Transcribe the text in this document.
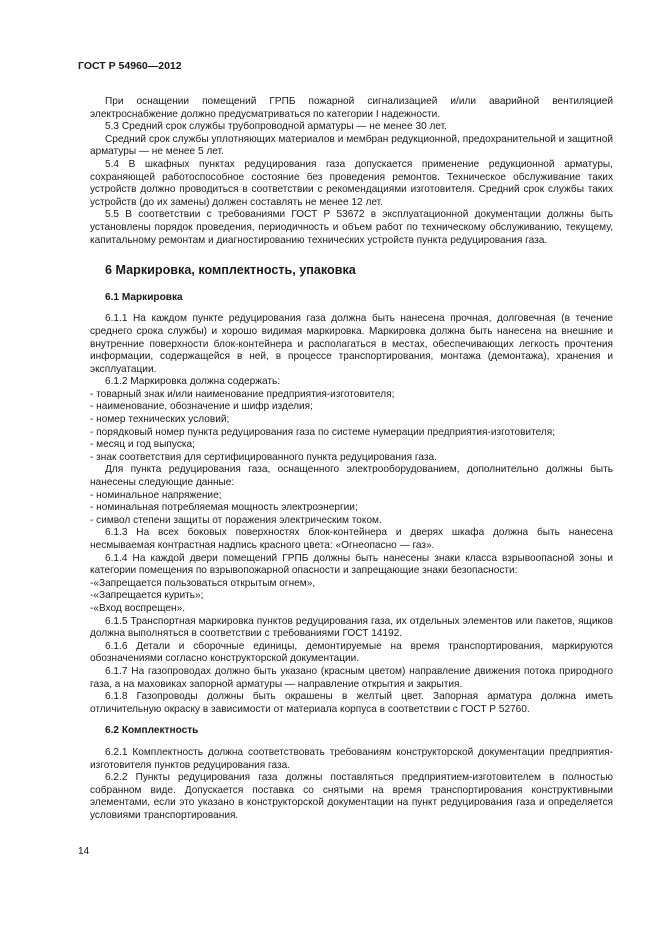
ГОСТ Р 54960—2012

При оснащении помещений ГРПБ пожарной сигнализацией и/или аварийной вентиляцией электроснабжение должно предусматриваться по категории I надежности.

5.3 Средний срок службы трубопроводной арматуры — не менее 30 лет.

Средний срок службы уплотняющих материалов и мембран редукционной, предохранительной и защитной арматуры — не менее 5 лет.

5.4 В шкафных пунктах редуцирования газа допускается применение редукционной арматуры, сохраняющей работоспособное состояние без проведения ремонтов. Техническое обслуживание таких устройств должно проводиться в соответствии с рекомендациями изготовителя. Средний срок службы таких устройств (до их замены) должен составлять не менее 12 лет.

5.5 В соответствии с требованиями ГОСТ Р 53672 в эксплуатационной документации должны быть установлены порядок проведения, периодичность и объем работ по техническому обслуживанию, текущему, капитальному ремонтам и диагностированию технических устройств пункта редуцирования газа.

6 Маркировка, комплектность, упаковка
6.1 Маркировка

6.1.1 На каждом пункте редуцирования газа должна быть нанесена прочная, долговечная (в течение среднего срока службы) и хорошо видимая маркировка. Маркировка должна быть нанесена на внешние и внутренние поверхности блок-контейнера и располагаться в местах, обеспечивающих легкость прочтения информации, содержащейся в ней, в процессе транспортирования, монтажа (демонтажа), хранения и эксплуатации.

6.1.2 Маркировка должна содержать:

- товарный знак и/или наименование предприятия-изготовителя;

- наименование, обозначение и шифр изделия;

- номер технических условий;

- порядковый номер пункта редуцирования газа по системе нумерации предприятия-изготовителя;

- месяц и год выпуска;

- знак соответствия для сертифицированного пункта редуцирования газа.

Для пункта редуцирования газа, оснащенного электрооборудованием, дополнительно должны быть нанесены следующие данные:

- номинальное напряжение;

- номинальная потребляемая мощность электроэнергии;

- символ степени защиты от поражения электрическим током.

6.1.3 На всех боковых поверхностях блок-контейнера и дверях шкафа должна быть нанесена несмываемая контрастная надпись красного цвета: «Огнеопасно — газ».

6.1.4 На каждой двери помещений ГРПБ должны быть нанесены знаки класса взрывоопасной зоны и категории помещения по взрывопожарной опасности и запрещающие знаки безопасности:

-«Запрещается пользоваться открытым огнем»,

-«Запрещается курить»;

-«Вход воспрещен».

6.1.5 Транспортная маркировка пунктов редуцирования газа, их отдельных элементов или пакетов, ящиков должна выполняться в соответствии с требованиями ГОСТ 14192.

6.1.6 Детали и сборочные единицы, демонтируемые на время транспортирования, маркируются обозначениями согласно конструкторской документации.

6.1.7 На газопроводах должно быть указано (красным цветом) направление движения потока природного газа, а на маховиках запорной арматуры — направление открытия и закрытия.

6.1.8 Газопроводы должны быть окрашены в желтый цвет. Запорная арматура должна иметь отличительную окраску в зависимости от материала корпуса в соответствии с ГОСТ Р 52760.

6.2 Комплектность

6.2.1 Комплектность должна соответствовать требованиям конструкторской документации предприятия-изготовителя пунктов редуцирования газа.

6.2.2 Пункты редуцирования газа должны поставляться предприятием-изготовителем в полностью собранном виде. Допускается поставка со снятыми на время транспортирования конструктивными элементами, если это указано в конструкторской документации на пункт редуцирования газа и определяется условиями транспортирования.

14
